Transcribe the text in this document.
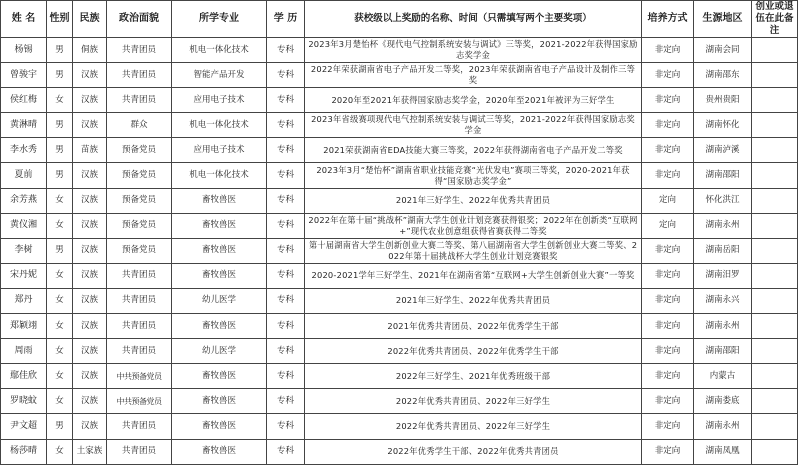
姓 名	性别	民族	政治面貌	所学专业	学 历	获校级以上奖励的名称、时间（只需填写两个主要奖项）	培养方式	生源地区	创业或退伍在此备注
杨锡	男	侗族	共青团员	机电一体化技术	专科	2023年3月楚怡杯《现代电气控制系统安装与调试》三等奖，2021-2022年获得国家励志奖学金	非定向	湖南会同	
曾骏宇	男	汉族	共青团员	智能产品开发	专科	2022年荣获湖南省电子产品开发二等奖，2023年荣获湖南省电子产品设计及制作三等奖	非定向	湖南邵东	
侯红梅	女	汉族	共青团员	应用电子技术	专科	2020年至2021年获得国家励志奖学金，2020年至2021年被评为三好学生	非定向	贵州贵阳	
黄淋晴	男	汉族	群众	机电一体化技术	专科	2023年省级赛项现代电气控制系统安装与调试三等奖，2021-2022年获得国家励志奖学金	非定向	湖南怀化	
李水秀	男	苗族	预备党员	应用电子技术	专科	2021荣获湖南省EDA技能大赛三等奖，2022年获得湖南省电子产品开发二等奖	非定向	湖南泸溪	
夏前	男	汉族	预备党员	机电一体化技术	专科	2023年3月“楚怡杯”湖南省职业技能竞赛“光伏发电”赛项三等奖，2020-2021年获得“国家励志奖学金”	非定向	湖南邵阳	
余芳燕	女	汉族	预备党员	畜牧兽医	专科	2021年三好学生、2022年优秀共青团员	定向	怀化洪江	
黄仪湘	女	汉族	预备党员	畜牧兽医	专科	2022年在第十届“挑战杯”湖南大学生创业计划竞赛获得银奖；2022年在创新类“互联网+”现代农业创意组获得省赛获得二等奖	定向	湖南永州	
李树	男	汉族	预备党员	畜牧兽医	专科	第十届湖南省大学生创新创业大赛二等奖、第八届湖南省大学生创新创业大赛二等奖、2022年第十届挑战杯大学生创业计划竞赛银奖	非定向	湖南岳阳	
宋丹妮	女	汉族	共青团员	畜牧兽医	专科	2020-2021学年三好学生、2021年在湖南省第“互联网+大学生创新创业大赛”一等奖	非定向	湖南汨罗	
郑丹	女	汉族	共青团员	幼儿医学	专科	2021年三好学生、2022年优秀共青团员	非定向	湖南永兴	
郑颖翊	女	汉族	共青团员	畜牧兽医	专科	2021年优秀共青团员、2022年优秀学生干部	非定向	湖南永州	
周雨	女	汉族	共青团员	幼儿医学	专科	2022年优秀共青团员、2022年优秀学生干部	非定向	湖南邵阳	
鄢佳欣	女	汉族	中共预备党员	畜牧兽医	专科	2022年三好学生、2021年优秀班级干部	非定向	内蒙古	
罗晓蚊	女	汉族	中共预备党员	畜牧兽医	专科	2022年优秀共青团员、2022年三好学生	非定向	湖南娄底	
尹文超	男	汉族	共青团员	畜牧兽医	专科	2022年优秀共青团员、2022年三好学生	非定向	湖南永州	
杨莎晴	女	土家族	共青团员	畜牧兽医	专科	2022年优秀学生干部、2022年优秀共青团员	非定向	湖南凤凰	
